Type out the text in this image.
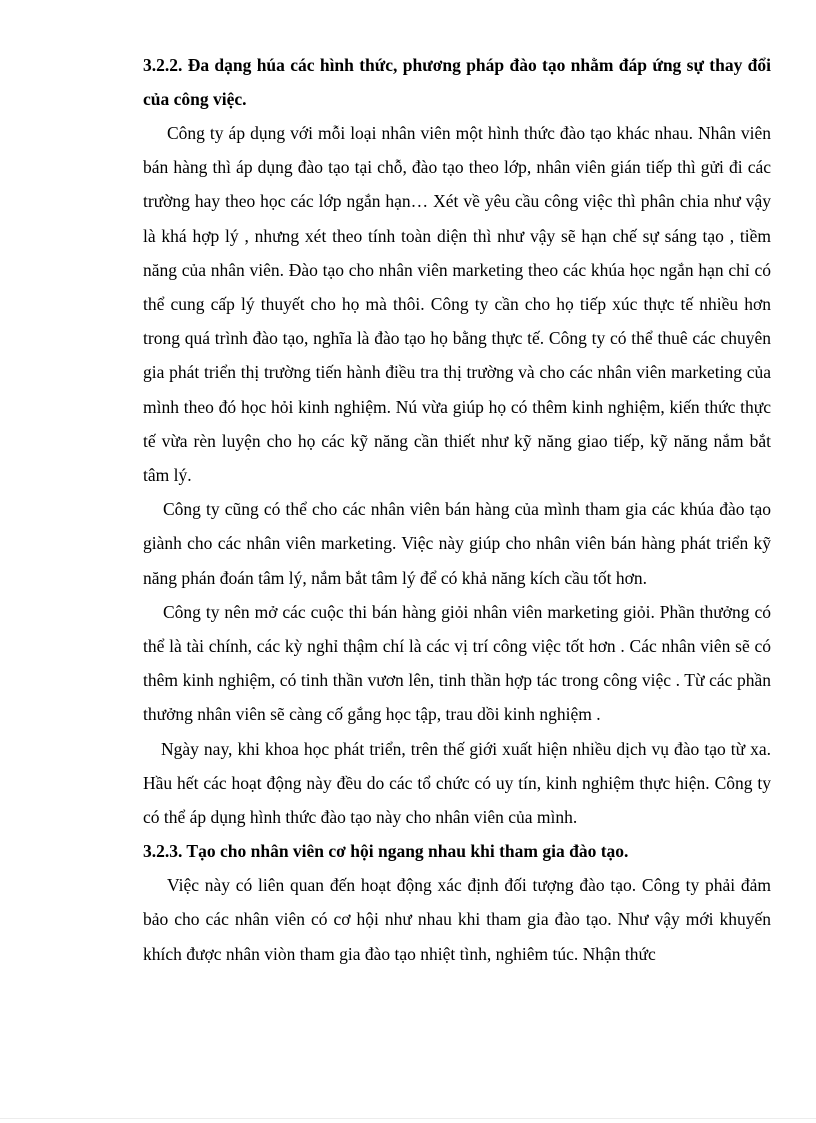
3.2.2. Đa dạng húa các hình thức, phương pháp đào tạo nhằm đáp ứng sự thay đổi của công việc.

Công ty áp dụng với mỗi loại nhân viên một hình thức đào tạo khác nhau. Nhân viên bán hàng thì áp dụng đào tạo tại chỗ, đào tạo theo lớp, nhân viên gián tiếp thì gửi đi các trường hay theo học các lớp ngắn hạn… Xét về yêu cầu công việc thì phân chia như vậy là khá hợp lý , nhưng xét theo tính toàn diện thì như vậy sẽ hạn chế sự sáng tạo , tiềm năng của nhân viên. Đào tạo cho nhân viên marketing theo các khúa học ngắn hạn chỉ có thể cung cấp lý thuyết cho họ mà thôi. Công ty cần cho họ tiếp xúc thực tế nhiều hơn trong quá trình đào tạo, nghĩa là đào tạo họ bằng thực tế. Công ty có thể thuê các chuyên gia phát triển thị trường tiến hành điều tra thị trường và cho các nhân viên marketing của mình theo đó học hỏi kinh nghiệm. Nú vừa giúp họ có thêm kinh nghiệm, kiến thức thực tế vừa rèn luyện cho họ các kỹ năng cần thiết như kỹ năng giao tiếp, kỹ năng nắm bắt tâm lý.

Công ty cũng có thể cho các nhân viên bán hàng của mình tham gia các khúa đào tạo giành cho các nhân viên marketing. Việc này giúp cho nhân viên bán hàng phát triển kỹ năng phán đoán tâm lý, nắm bắt tâm lý để có khả năng kích cầu tốt hơn.

Công ty nên mở các cuộc thi bán hàng giỏi nhân viên marketing giỏi. Phần thưởng có thể là tài chính, các kỳ nghỉ thậm chí là các vị trí công việc tốt hơn . Các nhân viên sẽ có thêm kinh nghiệm, có tinh thần vươn lên, tinh thần hợp tác trong công việc . Từ các phần thưởng nhân viên sẽ càng cố gắng học tập, trau dồi kinh nghiệm .

Ngày nay, khi khoa học phát triển, trên thế giới xuất hiện nhiều dịch vụ đào tạo từ xa. Hầu hết các hoạt động này đều do các tổ chức có uy tín, kinh nghiệm thực hiện. Công ty có thể áp dụng hình thức đào tạo này cho nhân viên của mình.

3.2.3. Tạo cho nhân viên cơ hội ngang nhau khi tham gia đào tạo.

Việc này có liên quan đến hoạt động xác định đối tượng đào tạo. Công ty phải đảm bảo cho các nhân viên có cơ hội như nhau khi tham gia đào tạo. Như vậy mới khuyến khích được nhân viòn tham gia đào tạo nhiệt tình, nghiêm túc. Nhận thức
